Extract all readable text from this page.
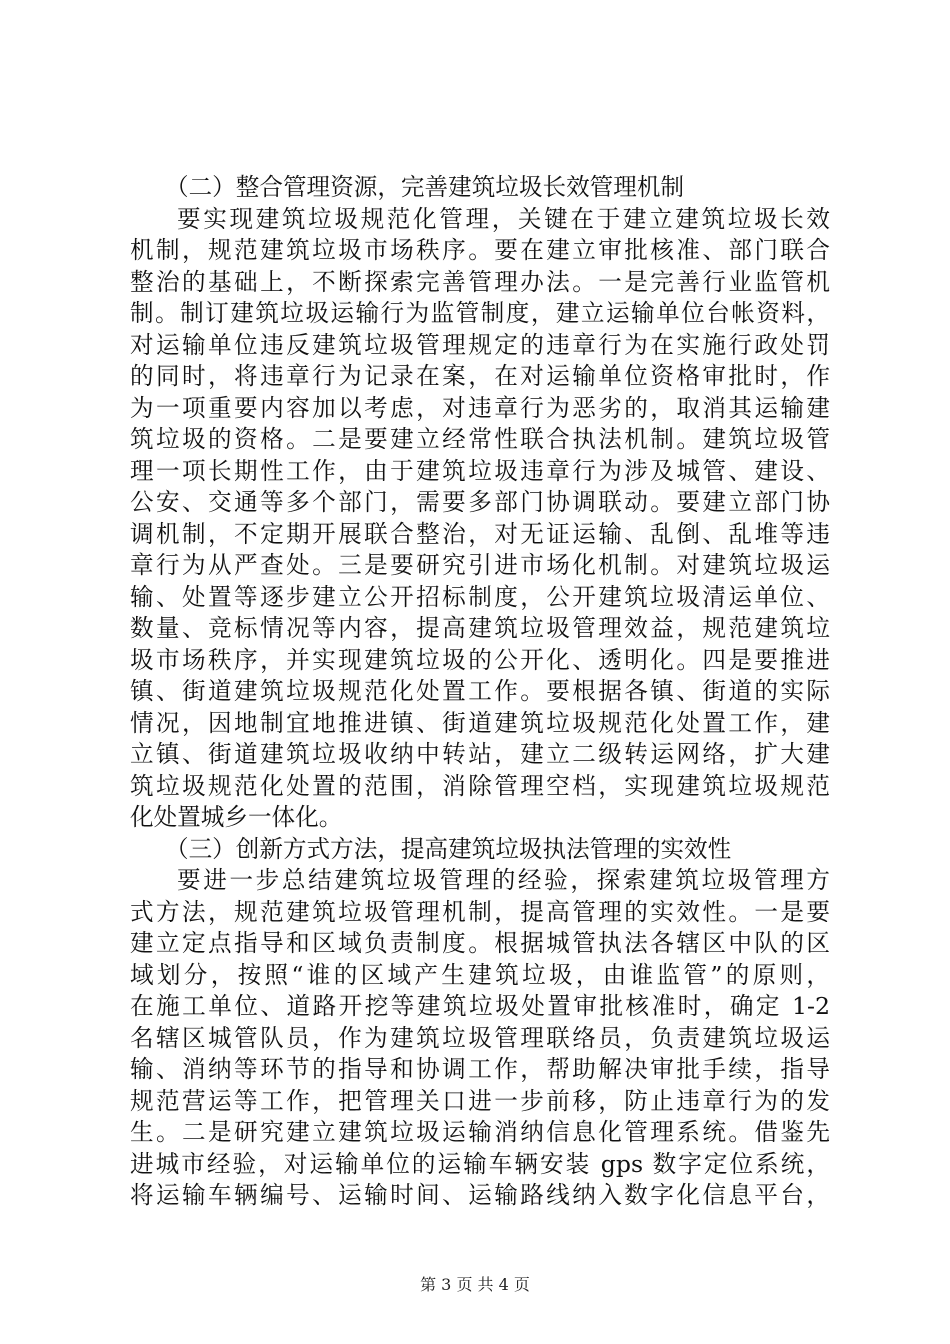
（二）整合管理资源，完善建筑垃圾长效管理机制
要实现建筑垃圾规范化管理，关键在于建立建筑垃圾长效
机制，规范建筑垃圾市场秩序。要在建立审批核准、部门联合
整治的基础上，不断探索完善管理办法。一是完善行业监管机
制。制订建筑垃圾运输行为监管制度，建立运输单位台帐资料，
对运输单位违反建筑垃圾管理规定的违章行为在实施行政处罚
的同时，将违章行为记录在案，在对运输单位资格审批时，作
为一项重要内容加以考虑，对违章行为恶劣的，取消其运输建
筑垃圾的资格。二是要建立经常性联合执法机制。建筑垃圾管
理一项长期性工作，由于建筑垃圾违章行为涉及城管、建设、
公安、交通等多个部门，需要多部门协调联动。要建立部门协
调机制，不定期开展联合整治，对无证运输、乱倒、乱堆等违
章行为从严查处。三是要研究引进市场化机制。对建筑垃圾运
输、处置等逐步建立公开招标制度，公开建筑垃圾清运单位、
数量、竞标情况等内容，提高建筑垃圾管理效益，规范建筑垃
圾市场秩序，并实现建筑垃圾的公开化、透明化。四是要推进
镇、街道建筑垃圾规范化处置工作。要根据各镇、街道的实际
情况，因地制宜地推进镇、街道建筑垃圾规范化处置工作，建
立镇、街道建筑垃圾收纳中转站，建立二级转运网络，扩大建
筑垃圾规范化处置的范围，消除管理空档，实现建筑垃圾规范
化处置城乡一体化。
（三）创新方式方法，提高建筑垃圾执法管理的实效性
要进一步总结建筑垃圾管理的经验，探索建筑垃圾管理方
式方法，规范建筑垃圾管理机制，提高管理的实效性。一是要
建立定点指导和区域负责制度。根据城管执法各辖区中队的区
域划分，按照“谁的区域产生建筑垃圾，由谁监管”的原则，
在施工单位、道路开挖等建筑垃圾处置审批核准时，确定 1-2
名辖区城管队员，作为建筑垃圾管理联络员，负责建筑垃圾运
输、消纳等环节的指导和协调工作，帮助解决审批手续，指导
规范营运等工作，把管理关口进一步前移，防止违章行为的发
生。二是研究建立建筑垃圾运输消纳信息化管理系统。借鉴先
进城市经验，对运输单位的运输车辆安装 gps 数字定位系统，
将运输车辆编号、运输时间、运输路线纳入数字化信息平台，
第 3 页 共 4 页
